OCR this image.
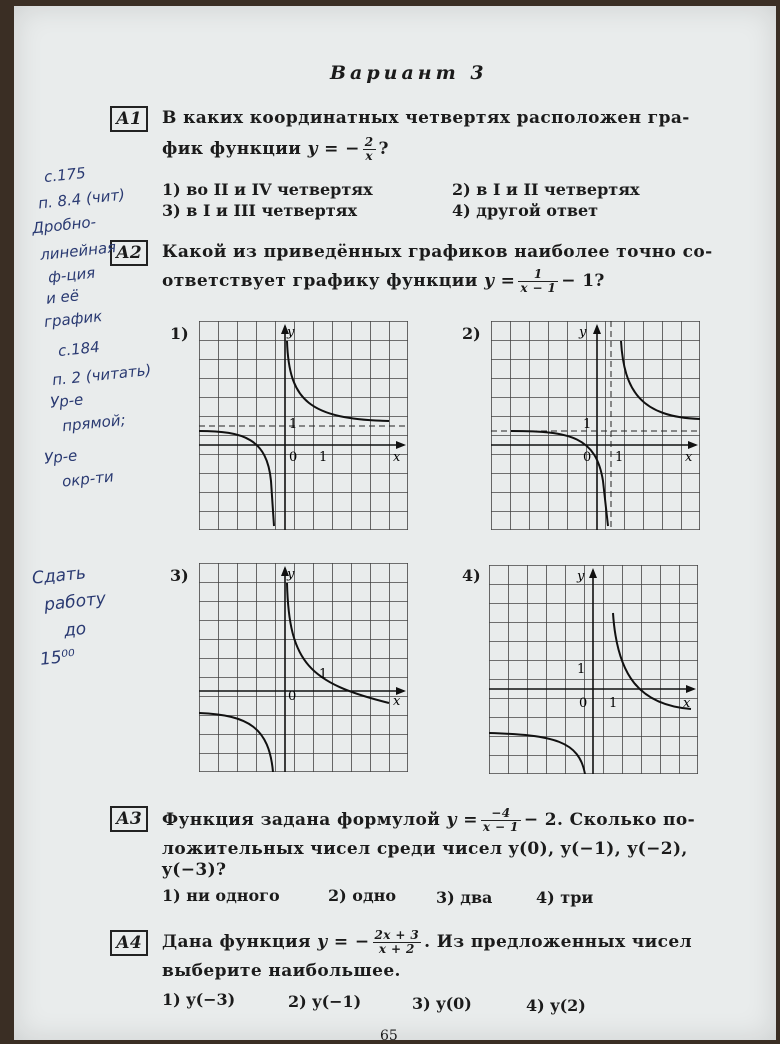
Вариант 3
А1	В каких координатных четвертях расположен гра-
фик функции y = − $\frac{2}{x}$ ?
1) во II и IV четвертях	2) в I и II четвертях
3) в I и III четвертях	4) другой ответ
А2	Какой из приведённых графиков наиболее точно со-
ответствует графику функции $y = \frac{1}{x - 1} - 1$?
1)	2)
3)	4)
y
x
0 1
1
y
x
0 1
1
y
x
0
1
y
x
0 1
1
А3	Функция задана формулой $y = \frac{-4}{x - 1} - 2$. Сколько по-
ложительных чисел среди чисел y(0), y(−1), y(−2),
y(−3)?
1) ни одного	2) одно	3) два	4) три
А4	Дана функция y = − $\frac{2x + 3}{x + 2}$ . Из предложенных чисел
выберите наибольшее.
1) y(−3)	2) y(−1)	3) y(0)	4) y(2)
65
с.175
п. 8.4 (чит)
Дробно-
линейная
ф-ция
и её
график
с.184
п. 2 (читать)
Ур-е
прямой;
Ур-е
окр-ти
Сдать
работу
до
15⁰⁰
